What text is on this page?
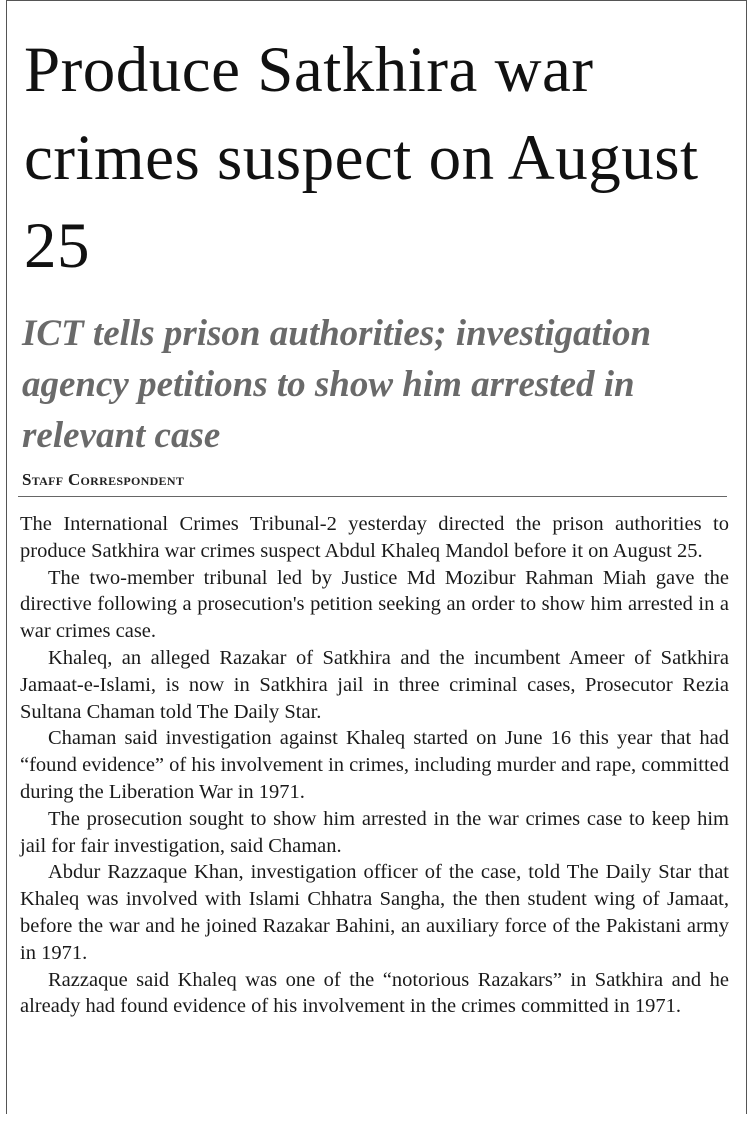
Produce Satkhira war crimes suspect on August 25
ICT tells prison authorities; investigation agency petitions to show him arrested in relevant case
Staff Correspondent

The International Crimes Tribunal-2 yesterday directed the prison authorities to produce Satkhira war crimes suspect Abdul Khaleq Mandol before it on August 25.

The two-member tribunal led by Justice Md Mozibur Rahman Miah gave the directive following a prosecution's petition seeking an order to show him arrested in a war crimes case.

Khaleq, an alleged Razakar of Satkhira and the incumbent Ameer of Satkhira Jamaat-e-Islami, is now in Satkhira jail in three criminal cases, Prosecutor Rezia Sultana Chaman told The Daily Star.

Chaman said investigation against Khaleq started on June 16 this year that had “found evidence” of his involvement in crimes, including murder and rape, committed during the Liberation War in 1971.

The prosecution sought to show him arrested in the war crimes case to keep him jail for fair investigation, said Chaman.

Abdur Razzaque Khan, investigation officer of the case, told The Daily Star that Khaleq was involved with Islami Chhatra Sangha, the then student wing of Jamaat, before the war and he joined Razakar Bahini, an auxiliary force of the Pakistani army in 1971.

Razzaque said Khaleq was one of the “notorious Razakars” in Satkhira and he already had found evidence of his involvement in the crimes committed in 1971.
